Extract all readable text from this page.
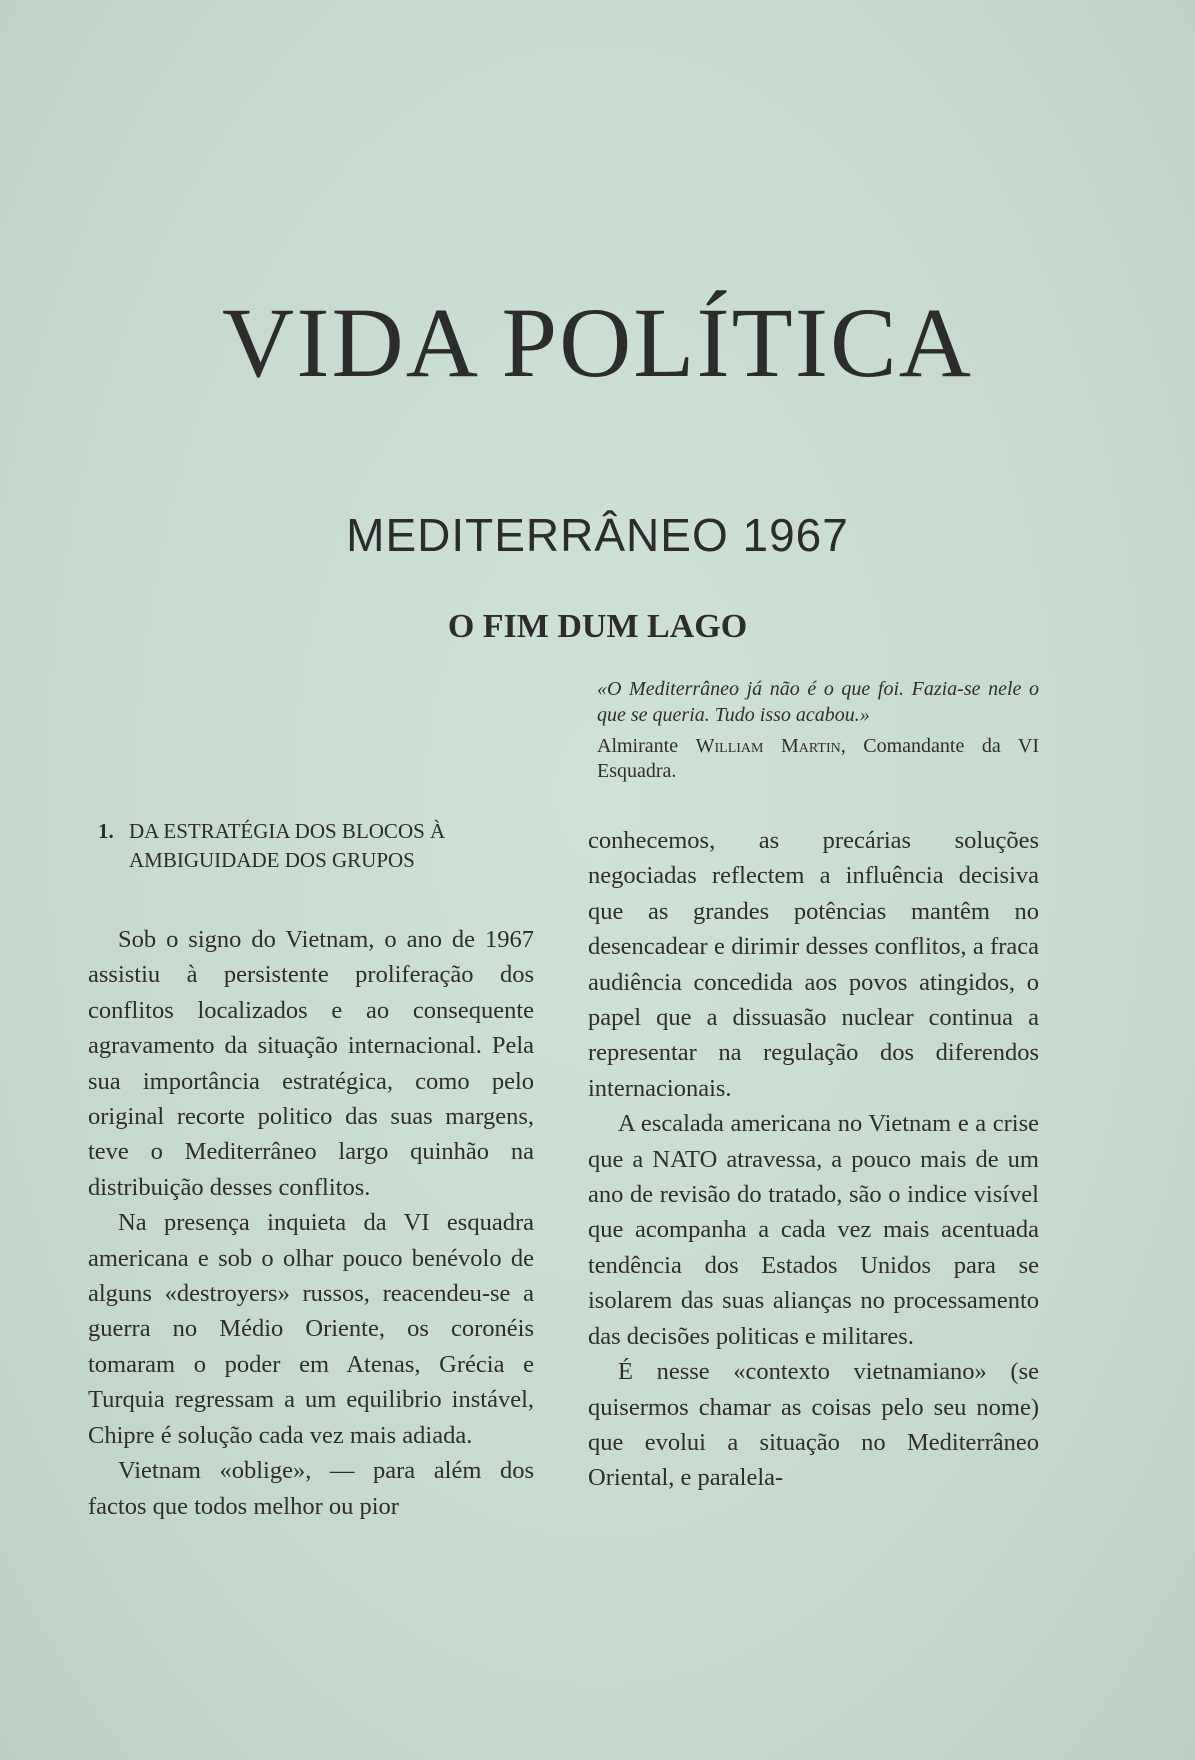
VIDA POLÍTICA
MEDITERRÂNEO 1967
O FIM DUM LAGO

«O Mediterrâneo já não é o que foi. Fazia-se nele o que se queria. Tudo isso acabou.»

Almirante William Martin, Comandante da VI Esquadra.

1. DA ESTRATÉGIA DOS BLOCOS À AMBIGUIDADE DOS GRUPOS

Sob o signo do Vietnam, o ano de 1967 assistiu à persistente proliferação dos conflitos localizados e ao consequente agravamento da situação internacional. Pela sua importância estratégica, como pelo original recorte politico das suas margens, teve o Mediterrâneo largo quinhão na distribuição desses conflitos.

Na presença inquieta da VI esquadra americana e sob o olhar pouco benévolo de alguns «destroyers» russos, reacendeu-se a guerra no Médio Oriente, os coronéis tomaram o poder em Atenas, Grécia e Turquia regressam a um equilibrio instável, Chipre é solução cada vez mais adiada.

Vietnam «oblige», — para além dos factos que todos melhor ou pior

conhecemos, as precárias soluções negociadas reflectem a influência decisiva que as grandes potências mantêm no desencadear e dirimir desses conflitos, a fraca audiência concedida aos povos atingidos, o papel que a dissuasão nuclear continua a representar na regulação dos diferendos internacionais.

A escalada americana no Vietnam e a crise que a NATO atravessa, a pouco mais de um ano de revisão do tratado, são o indice visível que acompanha a cada vez mais acentuada tendência dos Estados Unidos para se isolarem das suas alianças no processamento das decisões politicas e militares.

É nesse «contexto vietnamiano» (se quisermos chamar as coisas pelo seu nome) que evolui a situação no Mediterrâneo Oriental, e paralela-
